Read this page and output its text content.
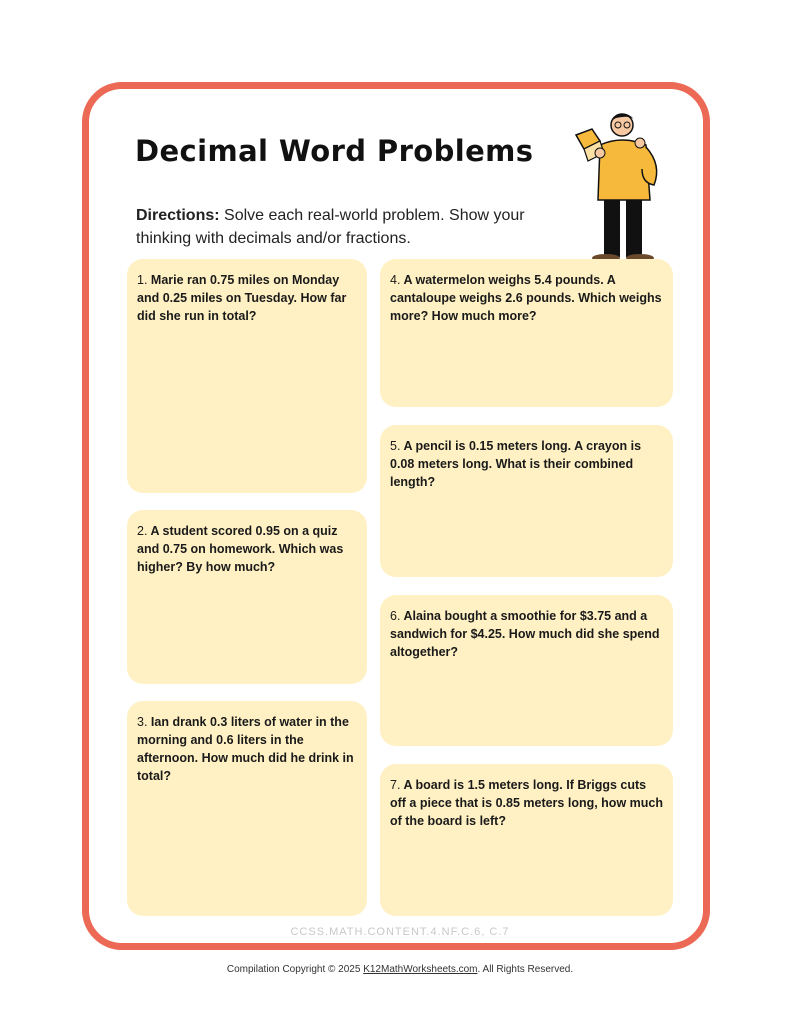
Decimal Word Problems
Directions: Solve each real-world problem. Show your thinking with decimals and/or fractions.
1. Marie ran 0.75 miles on Monday and 0.25 miles on Tuesday. How far did she run in total?
2. A student scored 0.95 on a quiz and 0.75 on homework. Which was higher? By how much?
3. Ian drank 0.3 liters of water in the morning and 0.6 liters in the afternoon. How much did he drink in total?
4. A watermelon weighs 5.4 pounds. A cantaloupe weighs 2.6 pounds. Which weighs more? How much more?
5. A pencil is 0.15 meters long. A crayon is 0.08 meters long. What is their combined length?
6. Alaina bought a smoothie for $3.75 and a sandwich for $4.25. How much did she spend altogether?
7. A board is 1.5 meters long. If Briggs cuts off a piece that is 0.85 meters long, how much of the board is left?
CCSS.MATH.CONTENT.4.NF.C.6, C.7
Compilation Copyright © 2025 K12MathWorksheets.com. All Rights Reserved.
